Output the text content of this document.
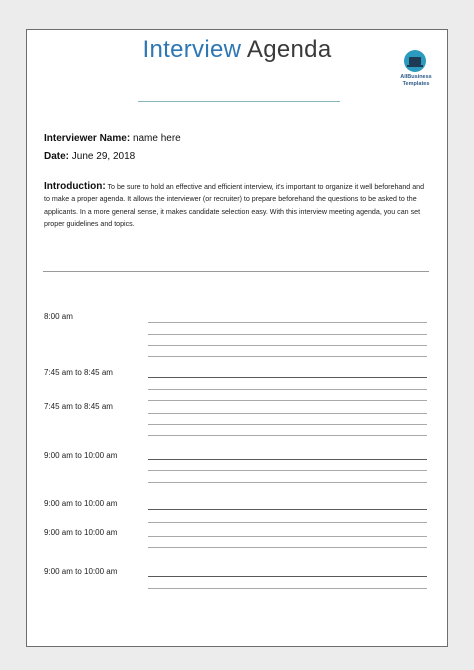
Interview Agenda
AllBusiness
Templates
Interviewer Name: name here
Date: June 29, 2018
Introduction: To be sure to hold an effective and efficient interview, it's important to organize it well beforehand and to make a proper agenda. It allows the interviewer (or recruiter) to prepare beforehand the questions to be asked to the applicants. In a more general sense, it makes candidate selection easy. With this interview meeting agenda, you can set proper guidelines and topics.
8:00 am
7:45 am to 8:45 am
7:45 am to 8:45 am
9:00 am to 10:00 am
9:00 am to 10:00 am
9:00 am to 10:00 am
9:00 am to 10:00 am
